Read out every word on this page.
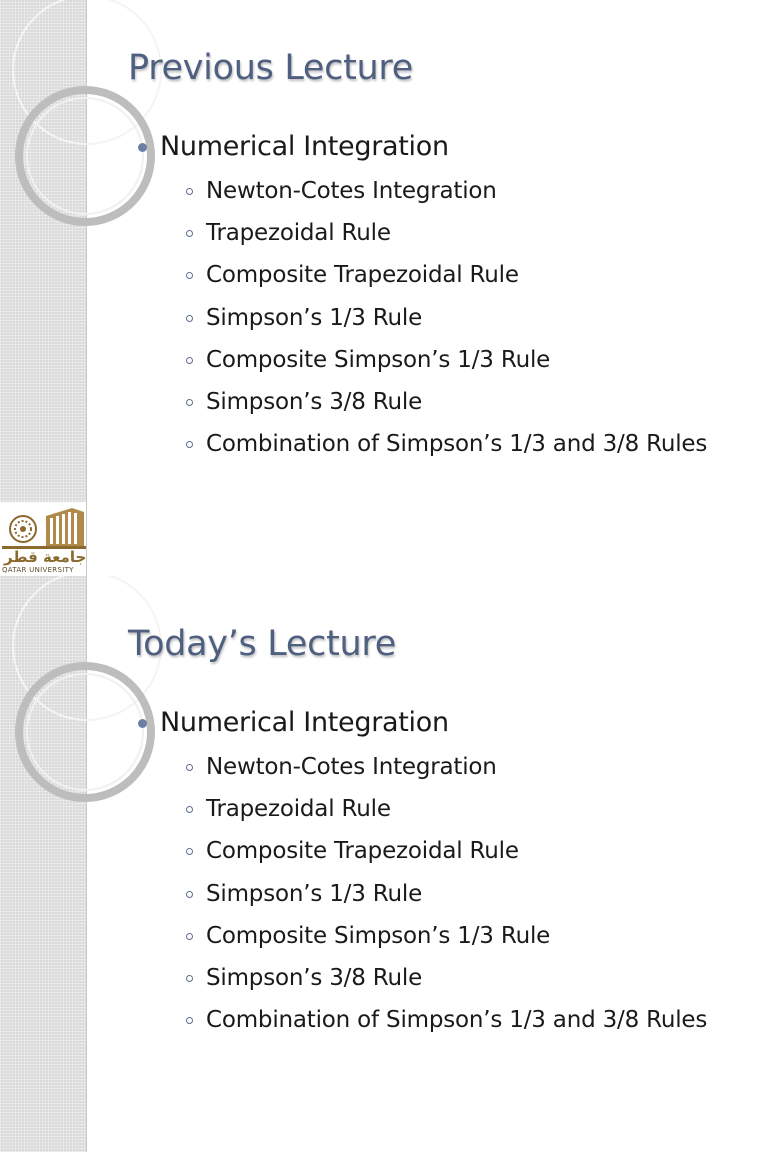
Previous Lecture
Numerical Integration
Newton-Cotes Integration
Trapezoidal Rule
Composite Trapezoidal Rule
Simpson’s 1/3 Rule
Composite Simpson’s 1/3 Rule
Simpson’s 3/8 Rule
Combination of Simpson’s 1/3 and 3/8 Rules
جامعة قطر
QATAR UNIVERSITY
Today’s Lecture
Numerical Integration
Newton-Cotes Integration
Trapezoidal Rule
Composite Trapezoidal Rule
Simpson’s 1/3 Rule
Composite Simpson’s 1/3 Rule
Simpson’s 3/8 Rule
Combination of Simpson’s 1/3 and 3/8 Rules
